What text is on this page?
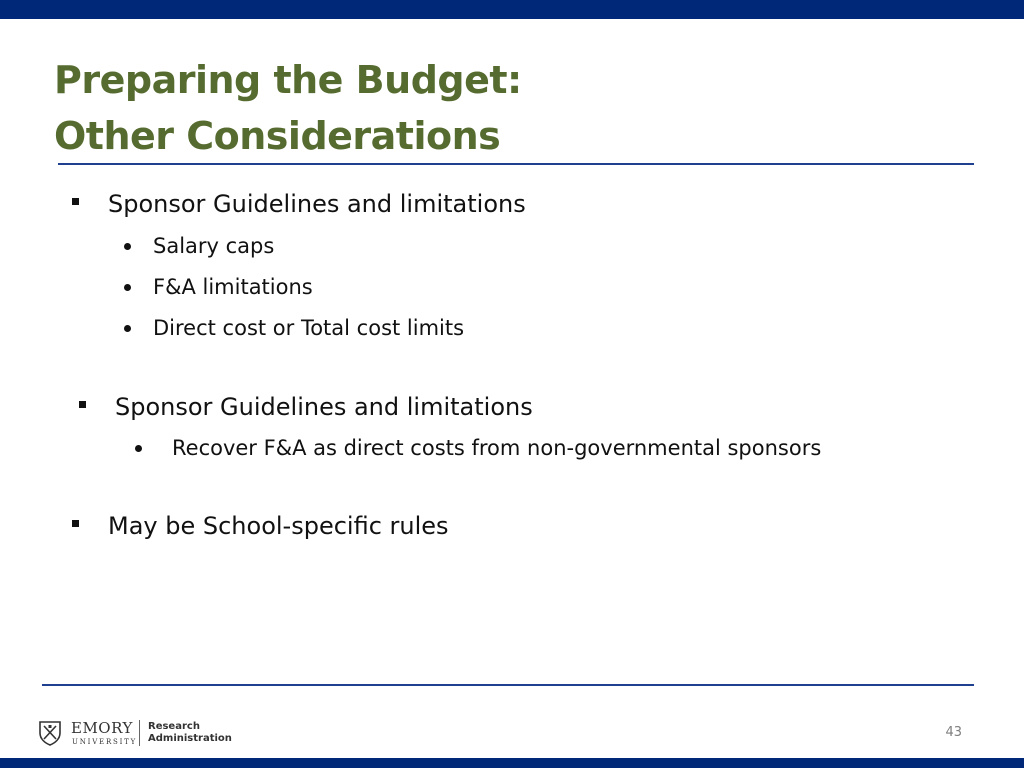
Preparing the Budget:
Other Considerations
Sponsor Guidelines and limitations
Salary caps
F&A limitations
Direct cost or Total cost limits
Sponsor Guidelines and limitations
Recover F&A as direct costs from non-governmental sponsors
May be School-specific rules
EMORY
UNIVERSITY
Research
Administration	43
